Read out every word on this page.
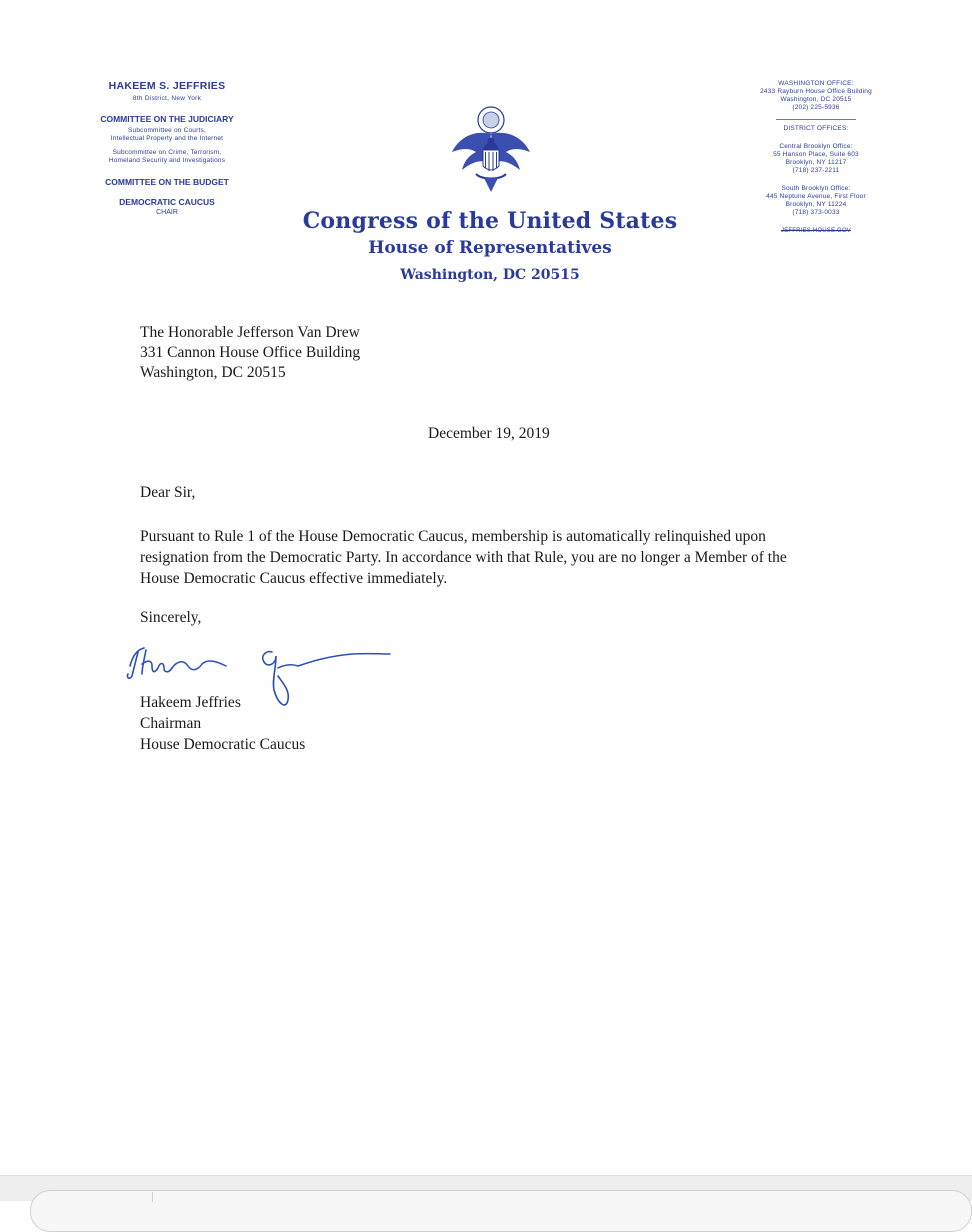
HAKEEM S. JEFFRIES
8th District, New York
COMMITTEE ON THE JUDICIARY
Subcommittee on Courts,
Intellectual Property and the Internet
Subcommittee on Crime, Terrorism,
Homeland Security and Investigations
COMMITTEE ON THE BUDGET
DEMOCRATIC CAUCUS
CHAIR	Congress of the United States
House of Representatives
Washington, DC 20515
WASHINGTON OFFICE:
2433 Rayburn House Office Building
Washington, DC 20515
(202) 225-5936
DISTRICT OFFICES:
Central Brooklyn Office:
55 Hanson Place, Suite 603
Brooklyn, NY 11217
(718) 237-2211
South Brooklyn Office:
445 Neptune Avenue, First Floor
Brooklyn, NY 11224
(718) 373-0033
JEFFRIES.HOUSE.GOV
The Honorable Jefferson Van Drew
331 Cannon House Office Building
Washington, DC 20515
December 19, 2019
Dear Sir,
Pursuant to Rule 1 of the House Democratic Caucus, membership is automatically relinquished upon
resignation from the Democratic Party. In accordance with that Rule, you are no longer a Member of the
House Democratic Caucus effective immediately.
Sincerely,
Hakeem Jeffries
Chairman
House Democratic Caucus
